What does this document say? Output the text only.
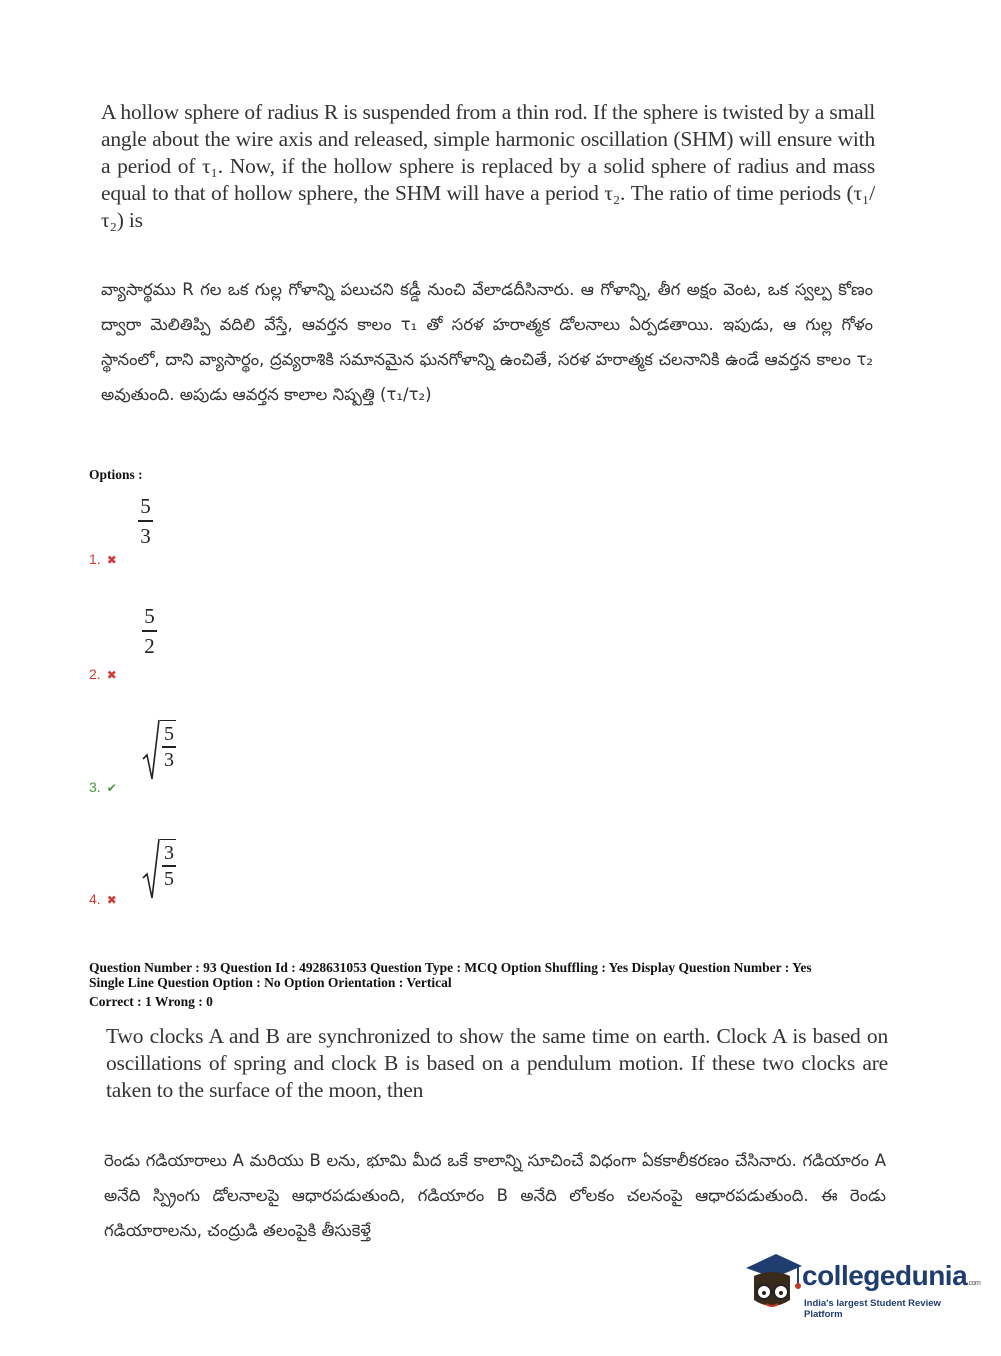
A hollow sphere of radius R is suspended from a thin rod. If the sphere is twisted by a small angle about the wire axis and released, simple harmonic oscillation (SHM) will ensure with a period of τ₁. Now, if the hollow sphere is replaced by a solid sphere of radius and mass equal to that of hollow sphere, the SHM will have a period τ₂. The ratio of time periods (τ₁/τ₂) is
వ్యాసార్థము R గల ఒక గుల్ల గోళాన్ని పలుచని కడ్డీ నుంచి వేలాడదీసినారు. ఆ గోళాన్ని, తీగ అక్షం వెంట, ఒక స్వల్ప కోణం ద్వారా మెలితిప్పి వదిలి వేస్తే, ఆవర్తన కాలం τ₁ తో సరళ హరాత్మక డోలనాలు ఏర్పడతాయి. ఇపుడు, ఆ గుల్ల గోళం స్థానంలో, దాని వ్యాసార్థం, ద్రవ్యరాశికి సమానమైన ఘనగోళాన్ని ఉంచితే, సరళ హరాత్మక చలనానికి ఉండే ఆవర్తన కాలం τ₂ అవుతుంది. అపుడు ఆవర్తన కాలాల నిష్పత్తి (τ₁/τ₂)
Options :
5
3
1. ✖
5
2
2. ✖
5
3
3. ✔
3
5
4. ✖
Question Number : 93 Question Id : 4928631053 Question Type : MCQ Option Shuffling : Yes Display Question Number : Yes
Single Line Question Option : No Option Orientation : Vertical
Correct : 1 Wrong : 0
Two clocks A and B are synchronized to show the same time on earth. Clock A is based on oscillations of spring and clock B is based on a pendulum motion. If these two clocks are taken to the surface of the moon, then
రెండు గడియారాలు A మరియు B లను, భూమి మీద ఒకే కాలాన్ని సూచించే విధంగా ఏకకాలీకరణం చేసినారు. గడియారం A అనేది స్ప్రింగు డోలనాలపై ఆధారపడుతుంది, గడియారం B అనేది లోలకం చలనంపై ఆధారపడుతుంది. ఈ రెండు గడియారాలను, చంద్రుడి తలంపైకి తీసుకెళ్తే
collegedunia.com
India's largest Student Review Platform
